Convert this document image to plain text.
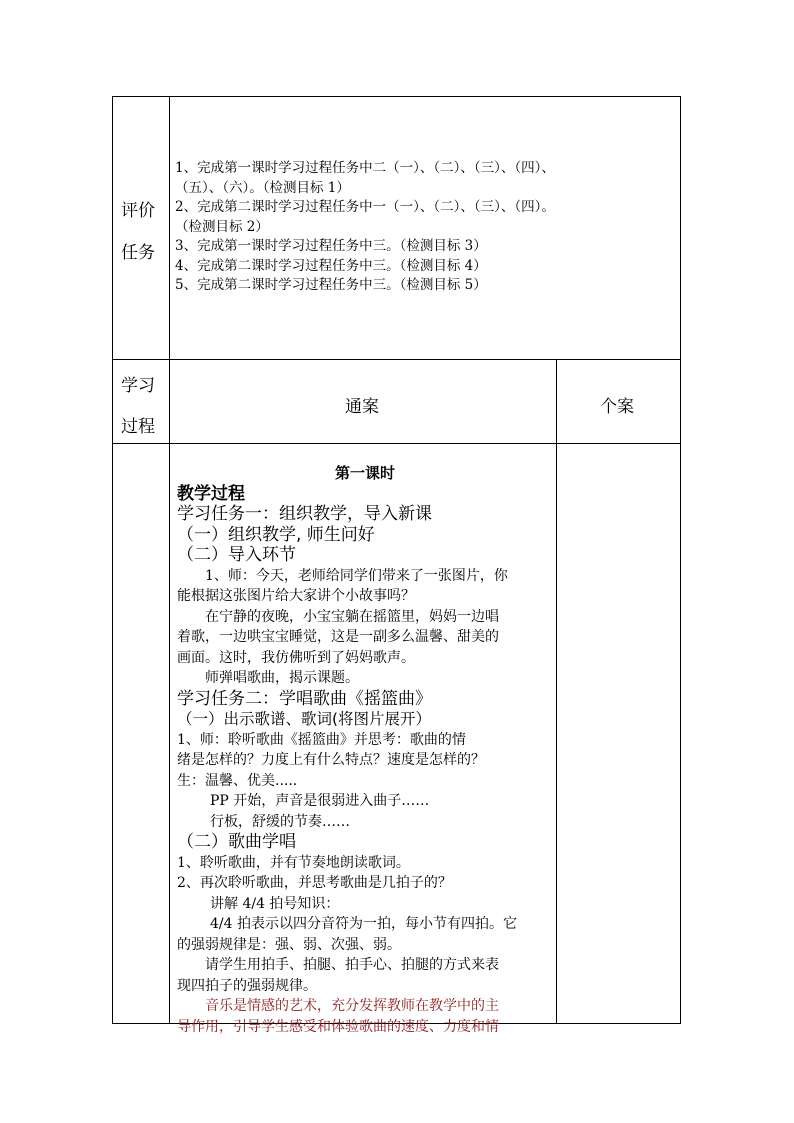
评价
任务
1、完成第一课时学习过程任务中二（一）、（二）、（三）、（四）、
（五）、（六）。（检测目标 1）
2、完成第二课时学习过程任务中一（一）、（二）、（三）、（四）。
（检测目标 2）
3、完成第一课时学习过程任务中三。（检测目标 3）
4、完成第二课时学习过程任务中三。（检测目标 4）
5、完成第二课时学习过程任务中三。（检测目标 5）
学习
过程
通案	个案
第一课时
教学过程
学习任务一：组织教学，导入新课
（一）组织教学, 师生问好
（二）导入环节
1、师：今天，老师给同学们带来了一张图片，你
能根据这张图片给大家讲个小故事吗？
在宁静的夜晚，小宝宝躺在摇篮里，妈妈一边唱
着歌，一边哄宝宝睡觉，这是一副多么温馨、甜美的
画面。这时，我仿佛听到了妈妈歌声。
师弹唱歌曲，揭示课题。
学习任务二：学唱歌曲《摇篮曲》
（一）出示歌谱、歌词(将图片展开）
1、师：聆听歌曲《摇篮曲》并思考：歌曲的情
绪是怎样的？力度上有什么特点？速度是怎样的？
生：温馨、优美.....
PP 开始，声音是很弱进入曲子……
行板，舒缓的节奏……
（二）歌曲学唱
1、聆听歌曲，并有节奏地朗读歌词。
2、再次聆听歌曲，并思考歌曲是几拍子的？
讲解 4/4 拍号知识：
4/4 拍表示以四分音符为一拍，每小节有四拍。它
的强弱规律是：强、弱、次强、弱。
请学生用拍手、拍腿、拍手心、拍腿的方式来表
现四拍子的强弱规律。
音乐是情感的艺术，充分发挥教师在教学中的主
导作用，引导学生感受和体验歌曲的速度、力度和情
